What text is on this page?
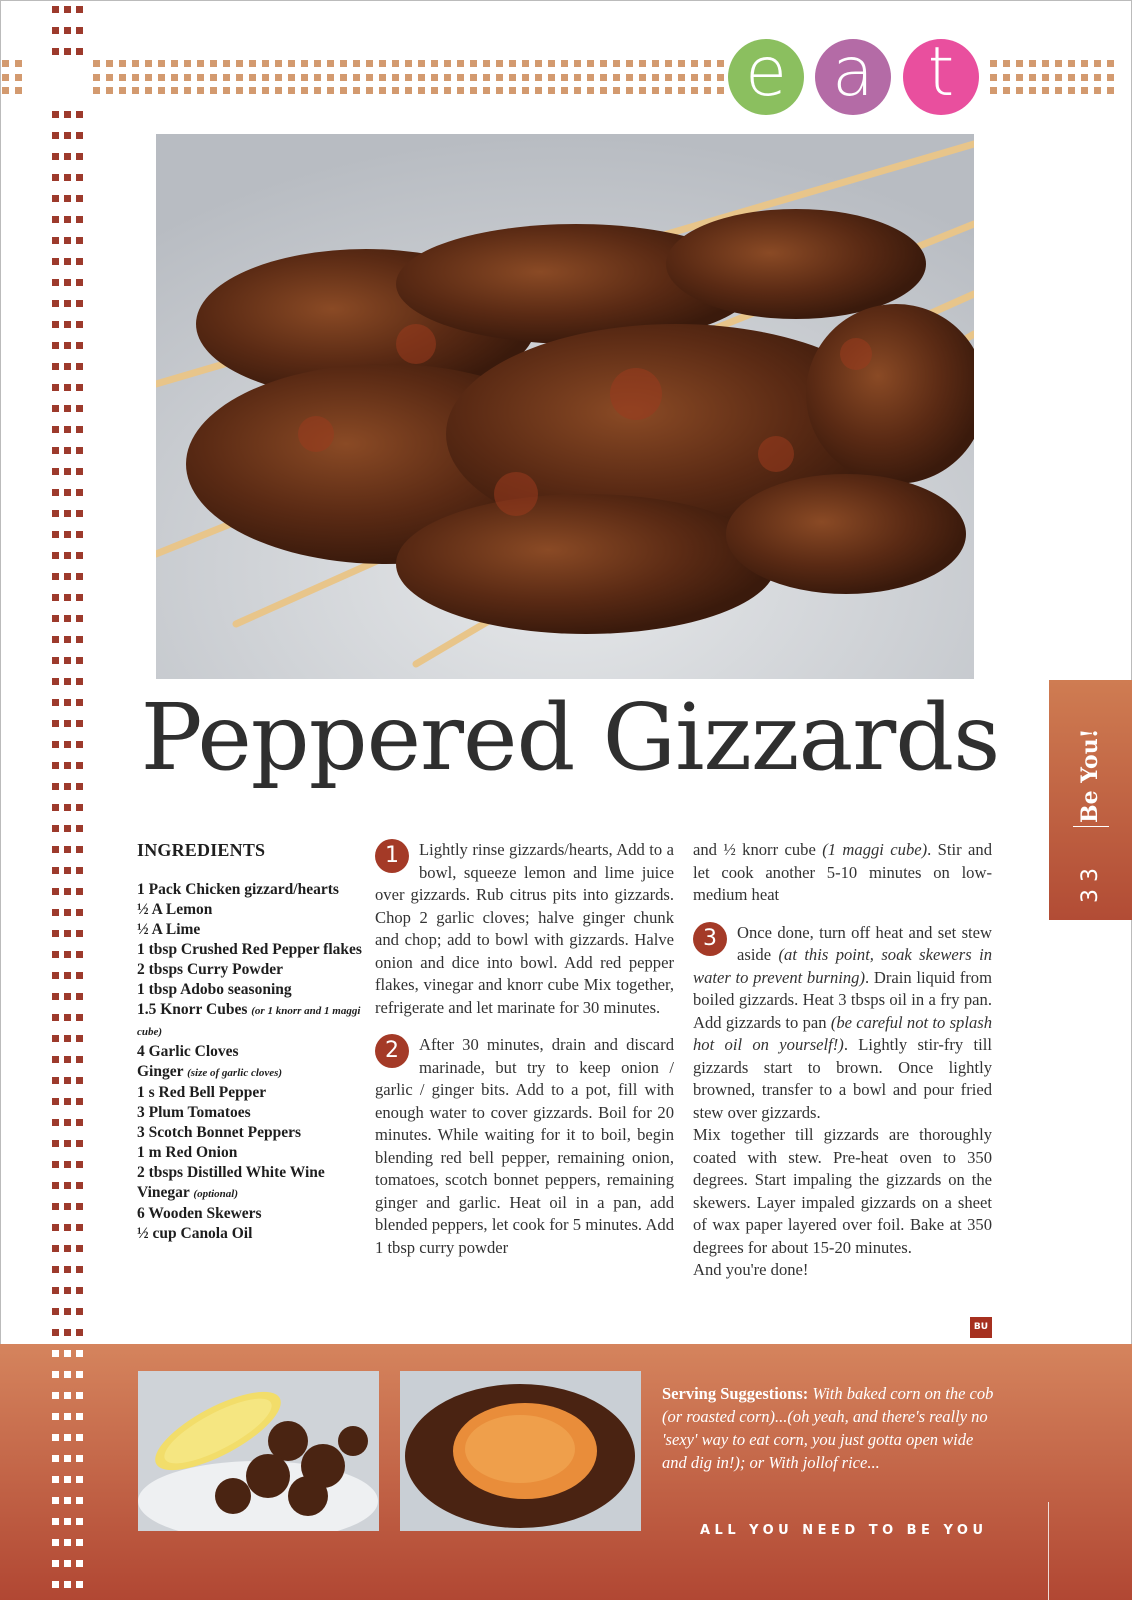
e a t
Peppered Gizzards	Be You!
3 3
INGREDIENTS
1 Pack Chicken gizzard/hearts
½ A Lemon
½ A Lime
1 tbsp Crushed Red Pepper flakes
2 tbsps Curry Powder
1 tbsp Adobo seasoning
1.5 Knorr Cubes (or 1 knorr and 1 maggi cube)
4 Garlic Cloves
Ginger (size of garlic cloves)
1 s Red Bell Pepper
3 Plum Tomatoes
3 Scotch Bonnet Peppers
1 m Red Onion
2 tbsps Distilled White Wine Vinegar (optional)
6 Wooden Skewers
½ cup Canola Oil

1	Lightly rinse gizzards/hearts, Add to a bowl, squeeze lemon and lime juice over gizzards. Rub citrus pits into gizzards. Chop 2 garlic cloves; halve ginger chunk and chop; add to bowl with gizzards. Halve onion and dice into bowl. Add red pepper flakes, vinegar and knorr cube Mix together, refrigerate and let marinate for 30 minutes.

2	After 30 minutes, drain and discard marinade, but try to keep onion / garlic / ginger bits. Add to a pot, fill with enough water to cover gizzards. Boil for 20 minutes. While waiting for it to boil, begin blending red bell pepper, remaining onion, tomatoes, scotch bonnet peppers, remaining ginger and garlic. Heat oil in a pan, add blended peppers, let cook for 5 minutes. Add 1 tbsp curry powder

and ½ knorr cube (1 maggi cube). Stir and let cook another 5-10 minutes on low-medium heat

3	Once done, turn off heat and set stew aside (at this point, soak skewers in water to prevent burning). Drain liquid from boiled gizzards. Heat 3 tbsps oil in a fry pan. Add gizzards to pan (be careful not to splash hot oil on yourself!). Lightly stir-fry till gizzards start to brown. Once lightly browned, transfer to a bowl and pour fried stew over gizzards.

Mix together till gizzards are thoroughly coated with stew. Pre-heat oven to 350 degrees. Start impaling the gizzards on the skewers. Layer impaled gizzards on a sheet of wax paper layered over foil. Bake at 350 degrees for about 15-20 minutes.

And you're done!

BU
Serving Suggestions: With baked corn on the cob (or roasted corn)...(oh yeah, and there's really no 'sexy' way to eat corn, you just gotta open wide and dig in!); or With jollof rice...
ALL YOU NEED TO BE YOU
